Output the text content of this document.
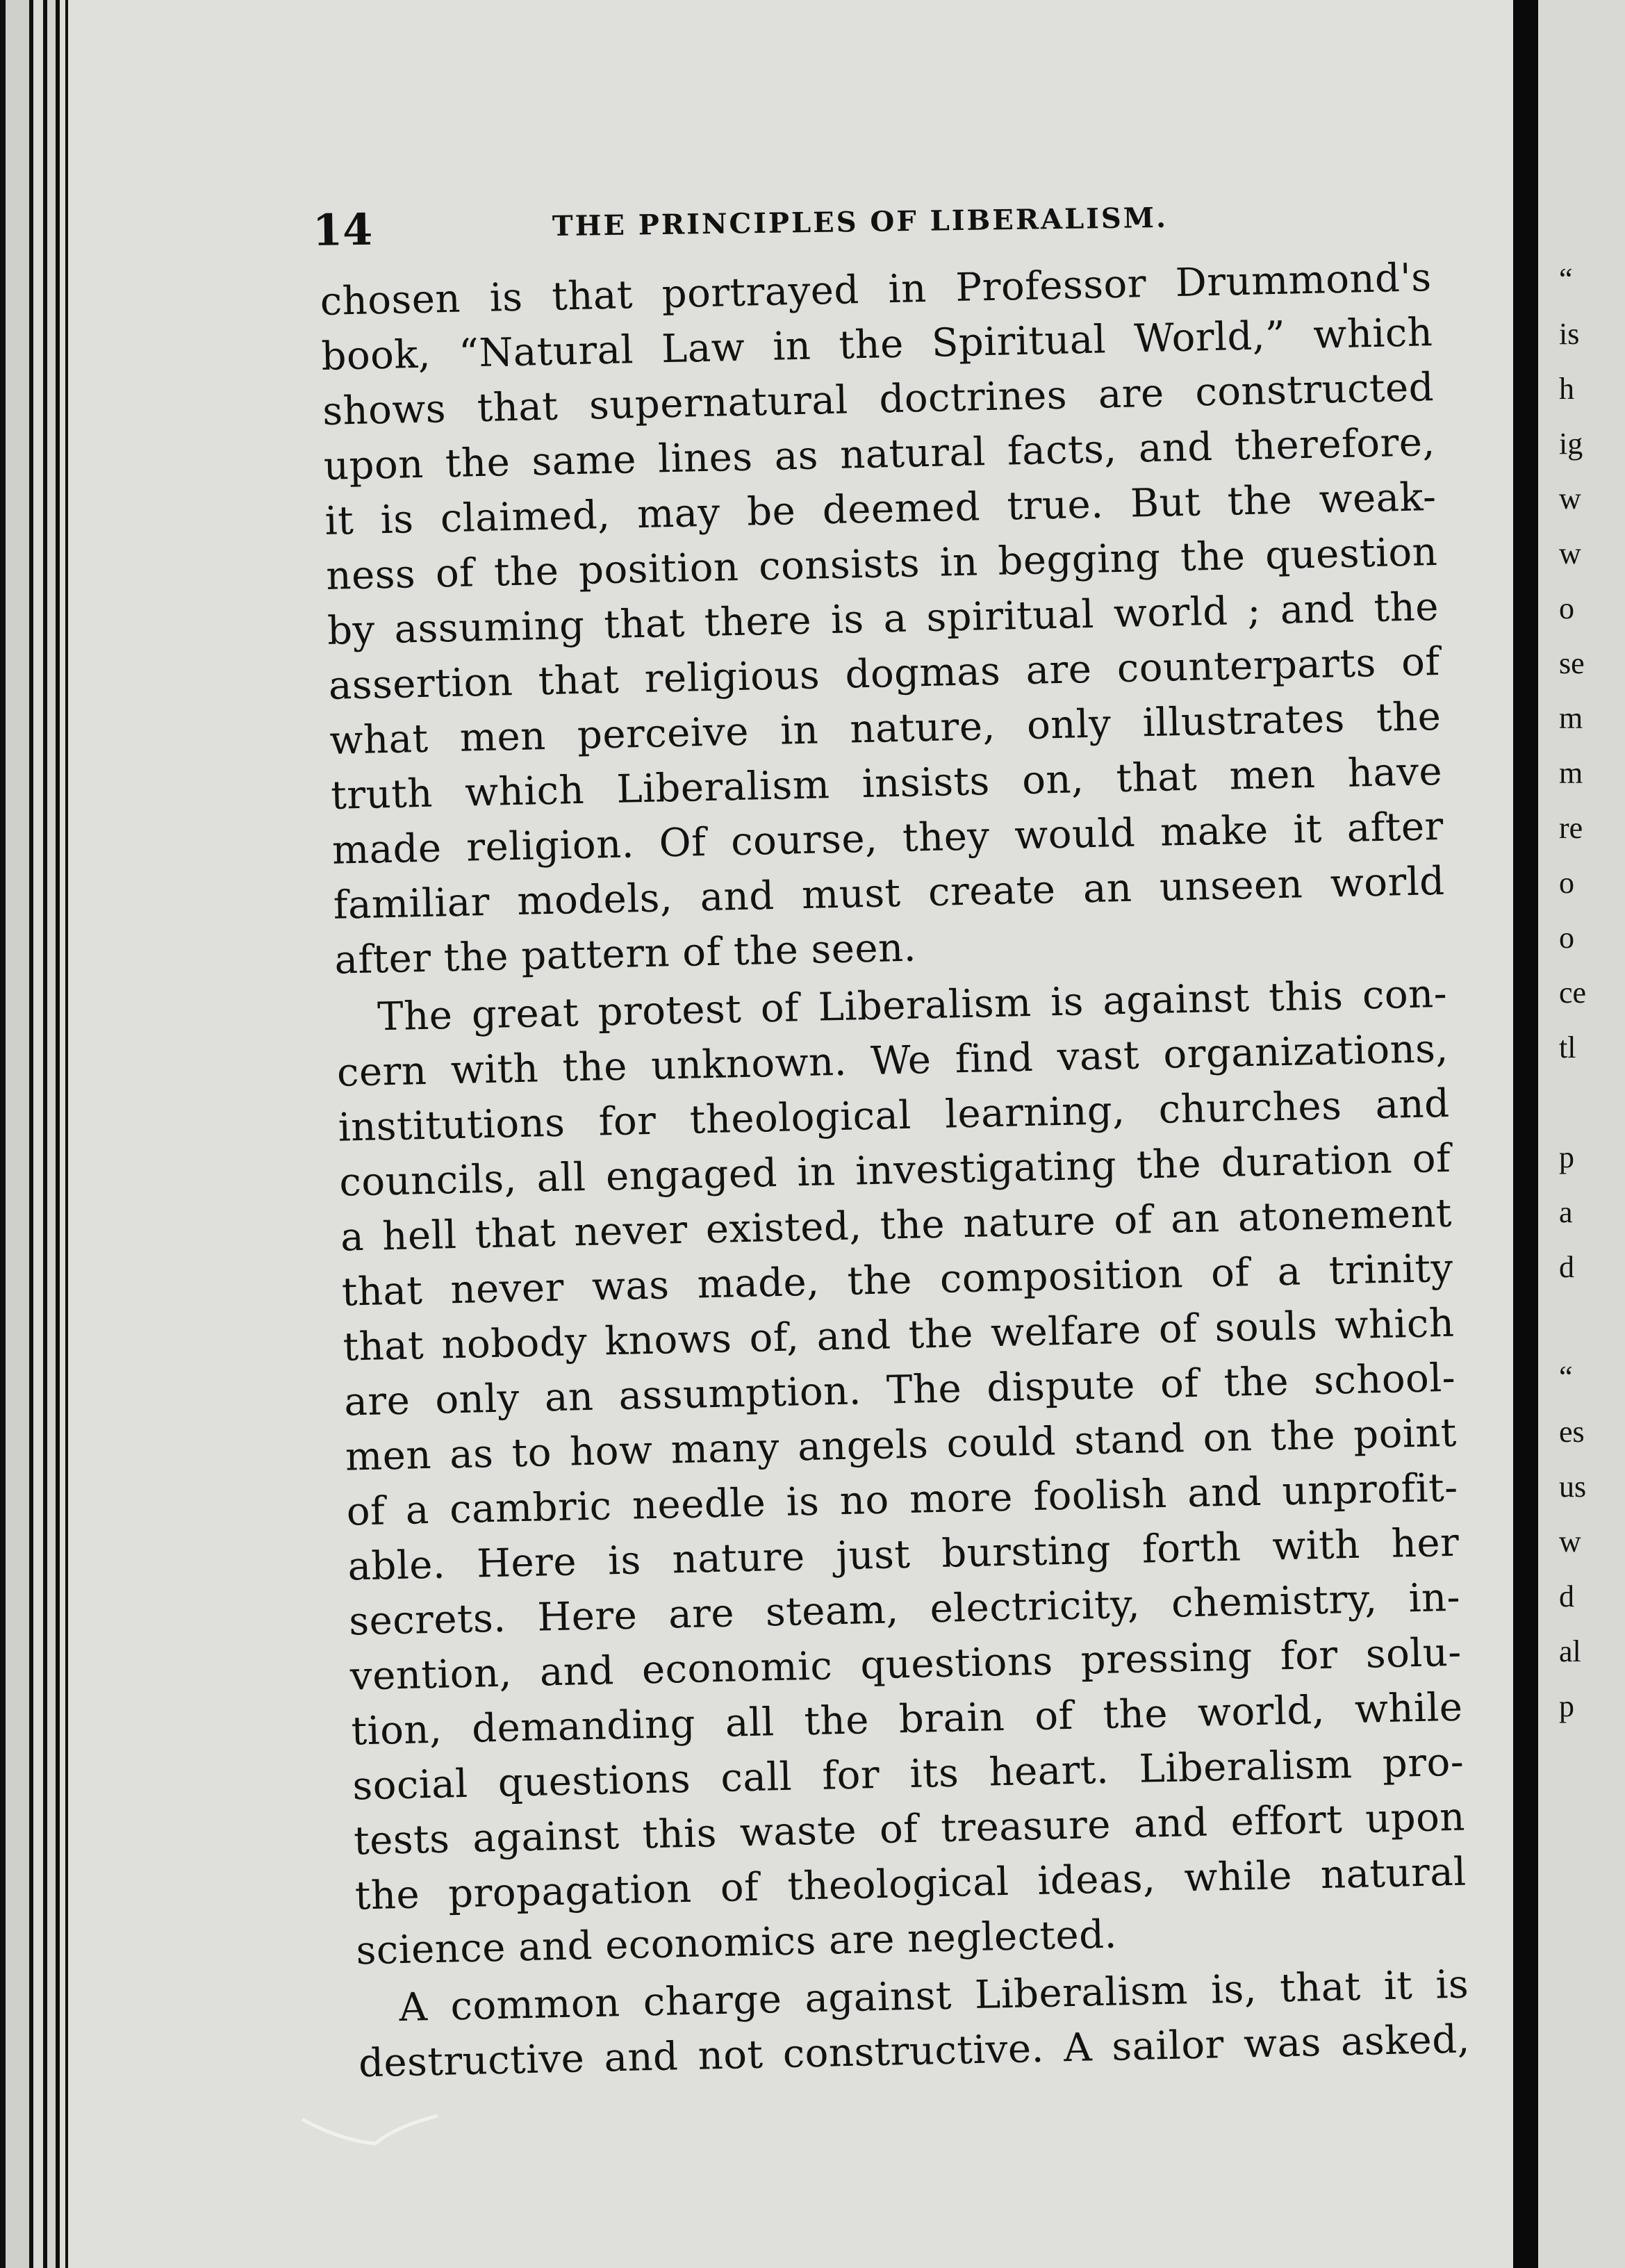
14	THE PRINCIPLES OF LIBERALISM.
chosen is that portrayed in Professor Drummond's
book, “Natural Law in the Spiritual World,” which
shows that supernatural doctrines are constructed
upon the same lines as natural facts, and therefore,
it is claimed, may be deemed true. But the weak-
ness of the position consists in begging the question
by assuming that there is a spiritual world ; and the
assertion that religious dogmas are counterparts of
what men perceive in nature, only illustrates the
truth which Liberalism insists on, that men have
made religion. Of course, they would make it after
familiar models, and must create an unseen world
after the pattern of the seen.
The great protest of Liberalism is against this con-
cern with the unknown. We find vast organizations,
institutions for theological learning, churches and
councils, all engaged in investigating the duration of
a hell that never existed, the nature of an atonement
that never was made, the composition of a trinity
that nobody knows of, and the welfare of souls which
are only an assumption. The dispute of the school-
men as to how many angels could stand on the point
of a cambric needle is no more foolish and unprofit-
able. Here is nature just bursting forth with her
secrets. Here are steam, electricity, chemistry, in-
vention, and economic questions pressing for solu-
tion, demanding all the brain of the world, while
social questions call for its heart. Liberalism pro-
tests against this waste of treasure and effort upon
the propagation of theological ideas, while natural
science and economics are neglected.
A common charge against Liberalism is, that it is
destructive and not constructive. A sailor was asked,
“
is
h
ig
w
w
o
se
m
m
re
o
o
ce
tl
p
a
d
“
es
us
w
d
al
p
